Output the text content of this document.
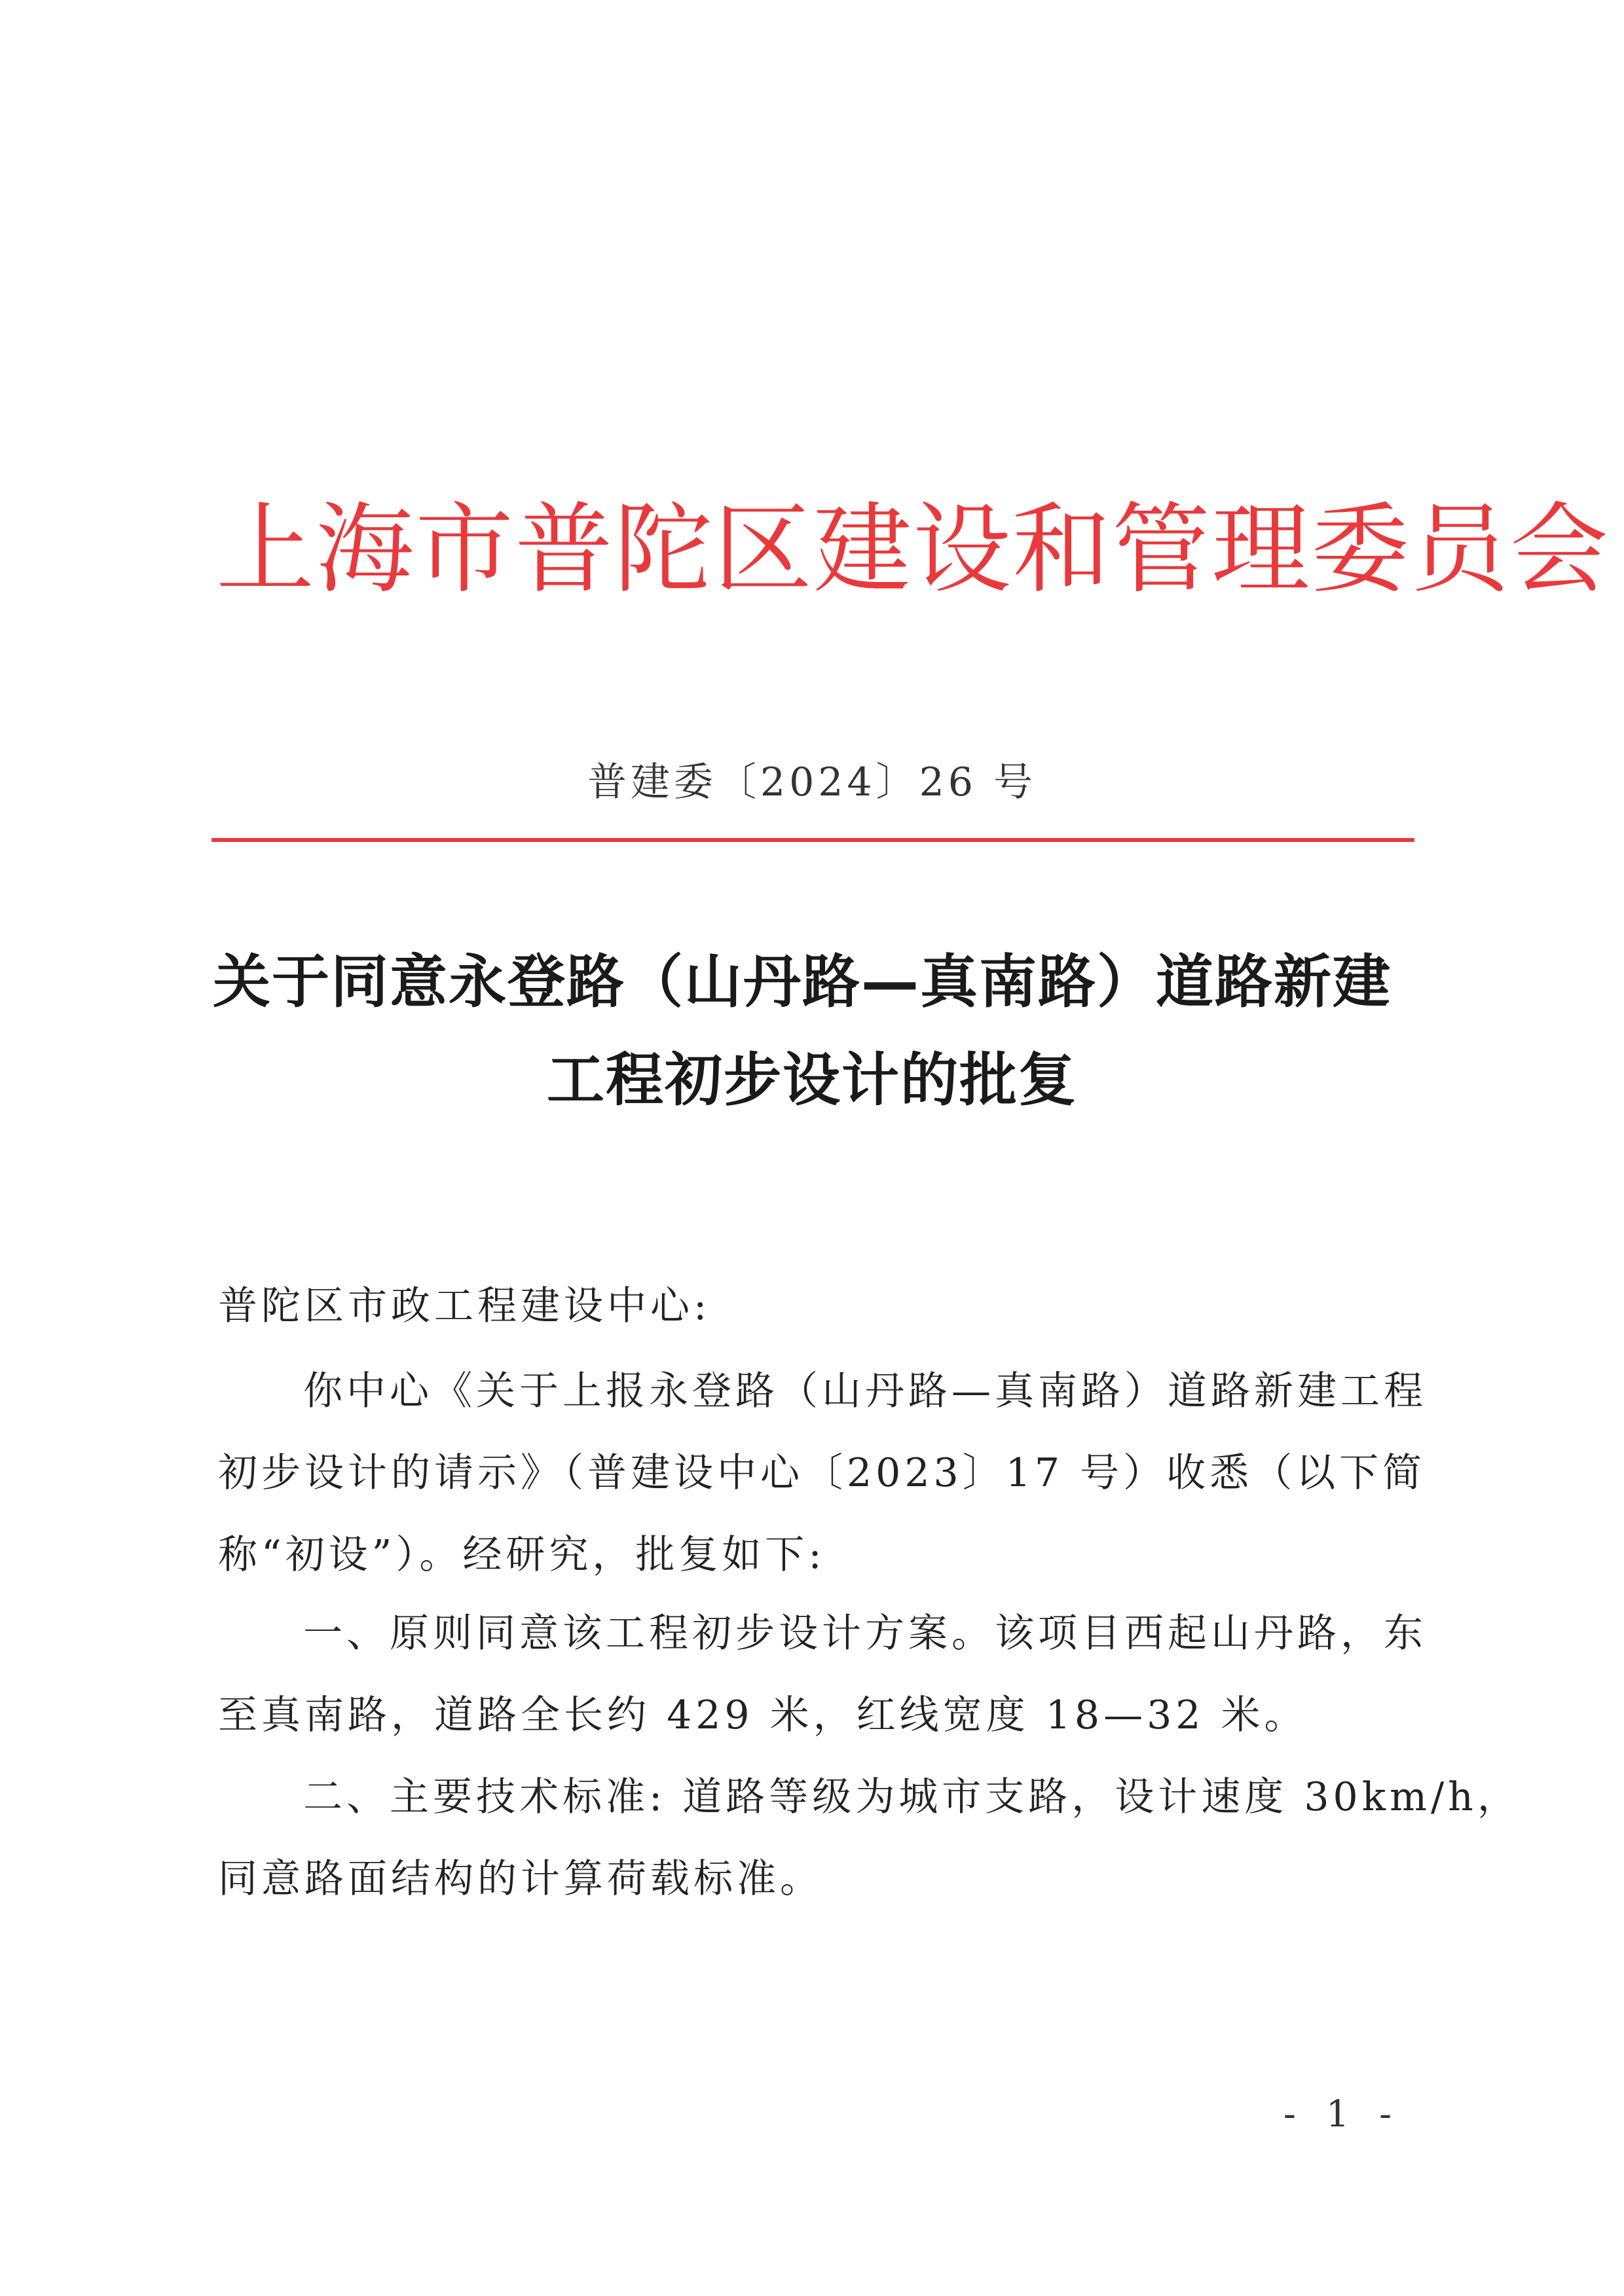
上海市普陀区建设和管理委员会
普建委〔2024〕26 号
关于同意永登路（山丹路—真南路）道路新建
工程初步设计的批复
普陀区市政工程建设中心:
你中心《关于上报永登路（山丹路—真南路）道路新建工程
初步设计的请示》（普建设中心〔2023〕17 号）收悉（以下简
称“初设”）。经研究，批复如下:
一、原则同意该工程初步设计方案。该项目西起山丹路，东
至真南路，道路全长约 429 米，红线宽度 18—32 米。
二、主要技术标准: 道路等级为城市支路，设计速度 30km/h，
同意路面结构的计算荷载标准。
- 1 -
